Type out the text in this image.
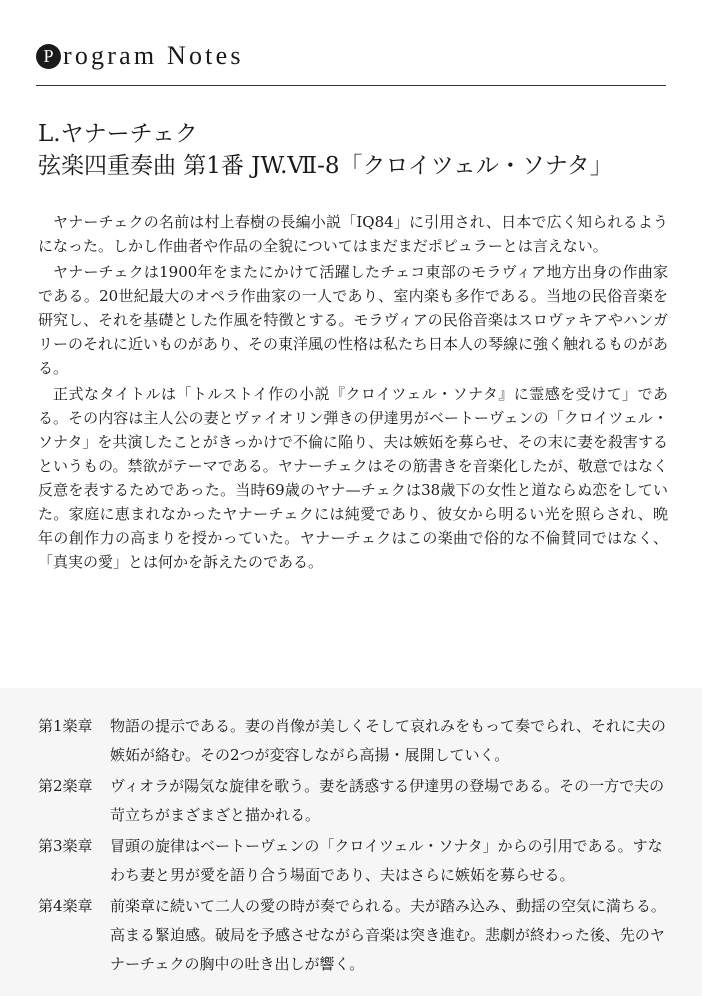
P rogram Notes
L.ヤナーチェク
弦楽四重奏曲 第1番 JW.Ⅶ-8「クロイツェル・ソナタ」

ヤナーチェクの名前は村上春樹の長編小説「IQ84」に引用され、日本で広く知られるようになった。しかし作曲者や作品の全貌についてはまだまだポピュラーとは言えない。

ヤナーチェクは1900年をまたにかけて活躍したチェコ東部のモラヴィア地方出身の作曲家である。20世紀最大のオペラ作曲家の一人であり、室内楽も多作である。当地の民俗音楽を研究し、それを基礎とした作風を特徴とする。モラヴィアの民俗音楽はスロヴァキアやハンガリーのそれに近いものがあり、その東洋風の性格は私たち日本人の琴線に強く触れるものがある。

正式なタイトルは「トルストイ作の小説『クロイツェル・ソナタ』に霊感を受けて」である。その内容は主人公の妻とヴァイオリン弾きの伊達男がベートーヴェンの「クロイツェル・ソナタ」を共演したことがきっかけで不倫に陥り、夫は嫉妬を募らせ、その末に妻を殺害するというもの。禁欲がテーマである。ヤナーチェクはその筋書きを音楽化したが、敬意ではなく反意を表するためであった。当時69歳のヤナ—チェクは38歳下の女性と道ならぬ恋をしていた。家庭に恵まれなかったヤナーチェクには純愛であり、彼女から明るい光を照らされ、晩年の創作力の高まりを授かっていた。ヤナーチェクはこの楽曲で俗的な不倫賛同ではなく、「真実の愛」とは何かを訴えたのである。

第1楽章	物語の提示である。妻の肖像が美しくそして哀れみをもって奏でられ、それに夫の嫉妬が絡む。その2つが変容しながら高揚・展開していく。
第2楽章	ヴィオラが陽気な旋律を歌う。妻を誘惑する伊達男の登場である。その一方で夫の苛立ちがまざまざと描かれる。
第3楽章	冒頭の旋律はベートーヴェンの「クロイツェル・ソナタ」からの引用である。すなわち妻と男が愛を語り合う場面であり、夫はさらに嫉妬を募らせる。
第4楽章	前楽章に続いて二人の愛の時が奏でられる。夫が踏み込み、動揺の空気に満ちる。高まる緊迫感。破局を予感させながら音楽は突き進む。悲劇が終わった後、先のヤナーチェクの胸中の吐き出しが響く。
